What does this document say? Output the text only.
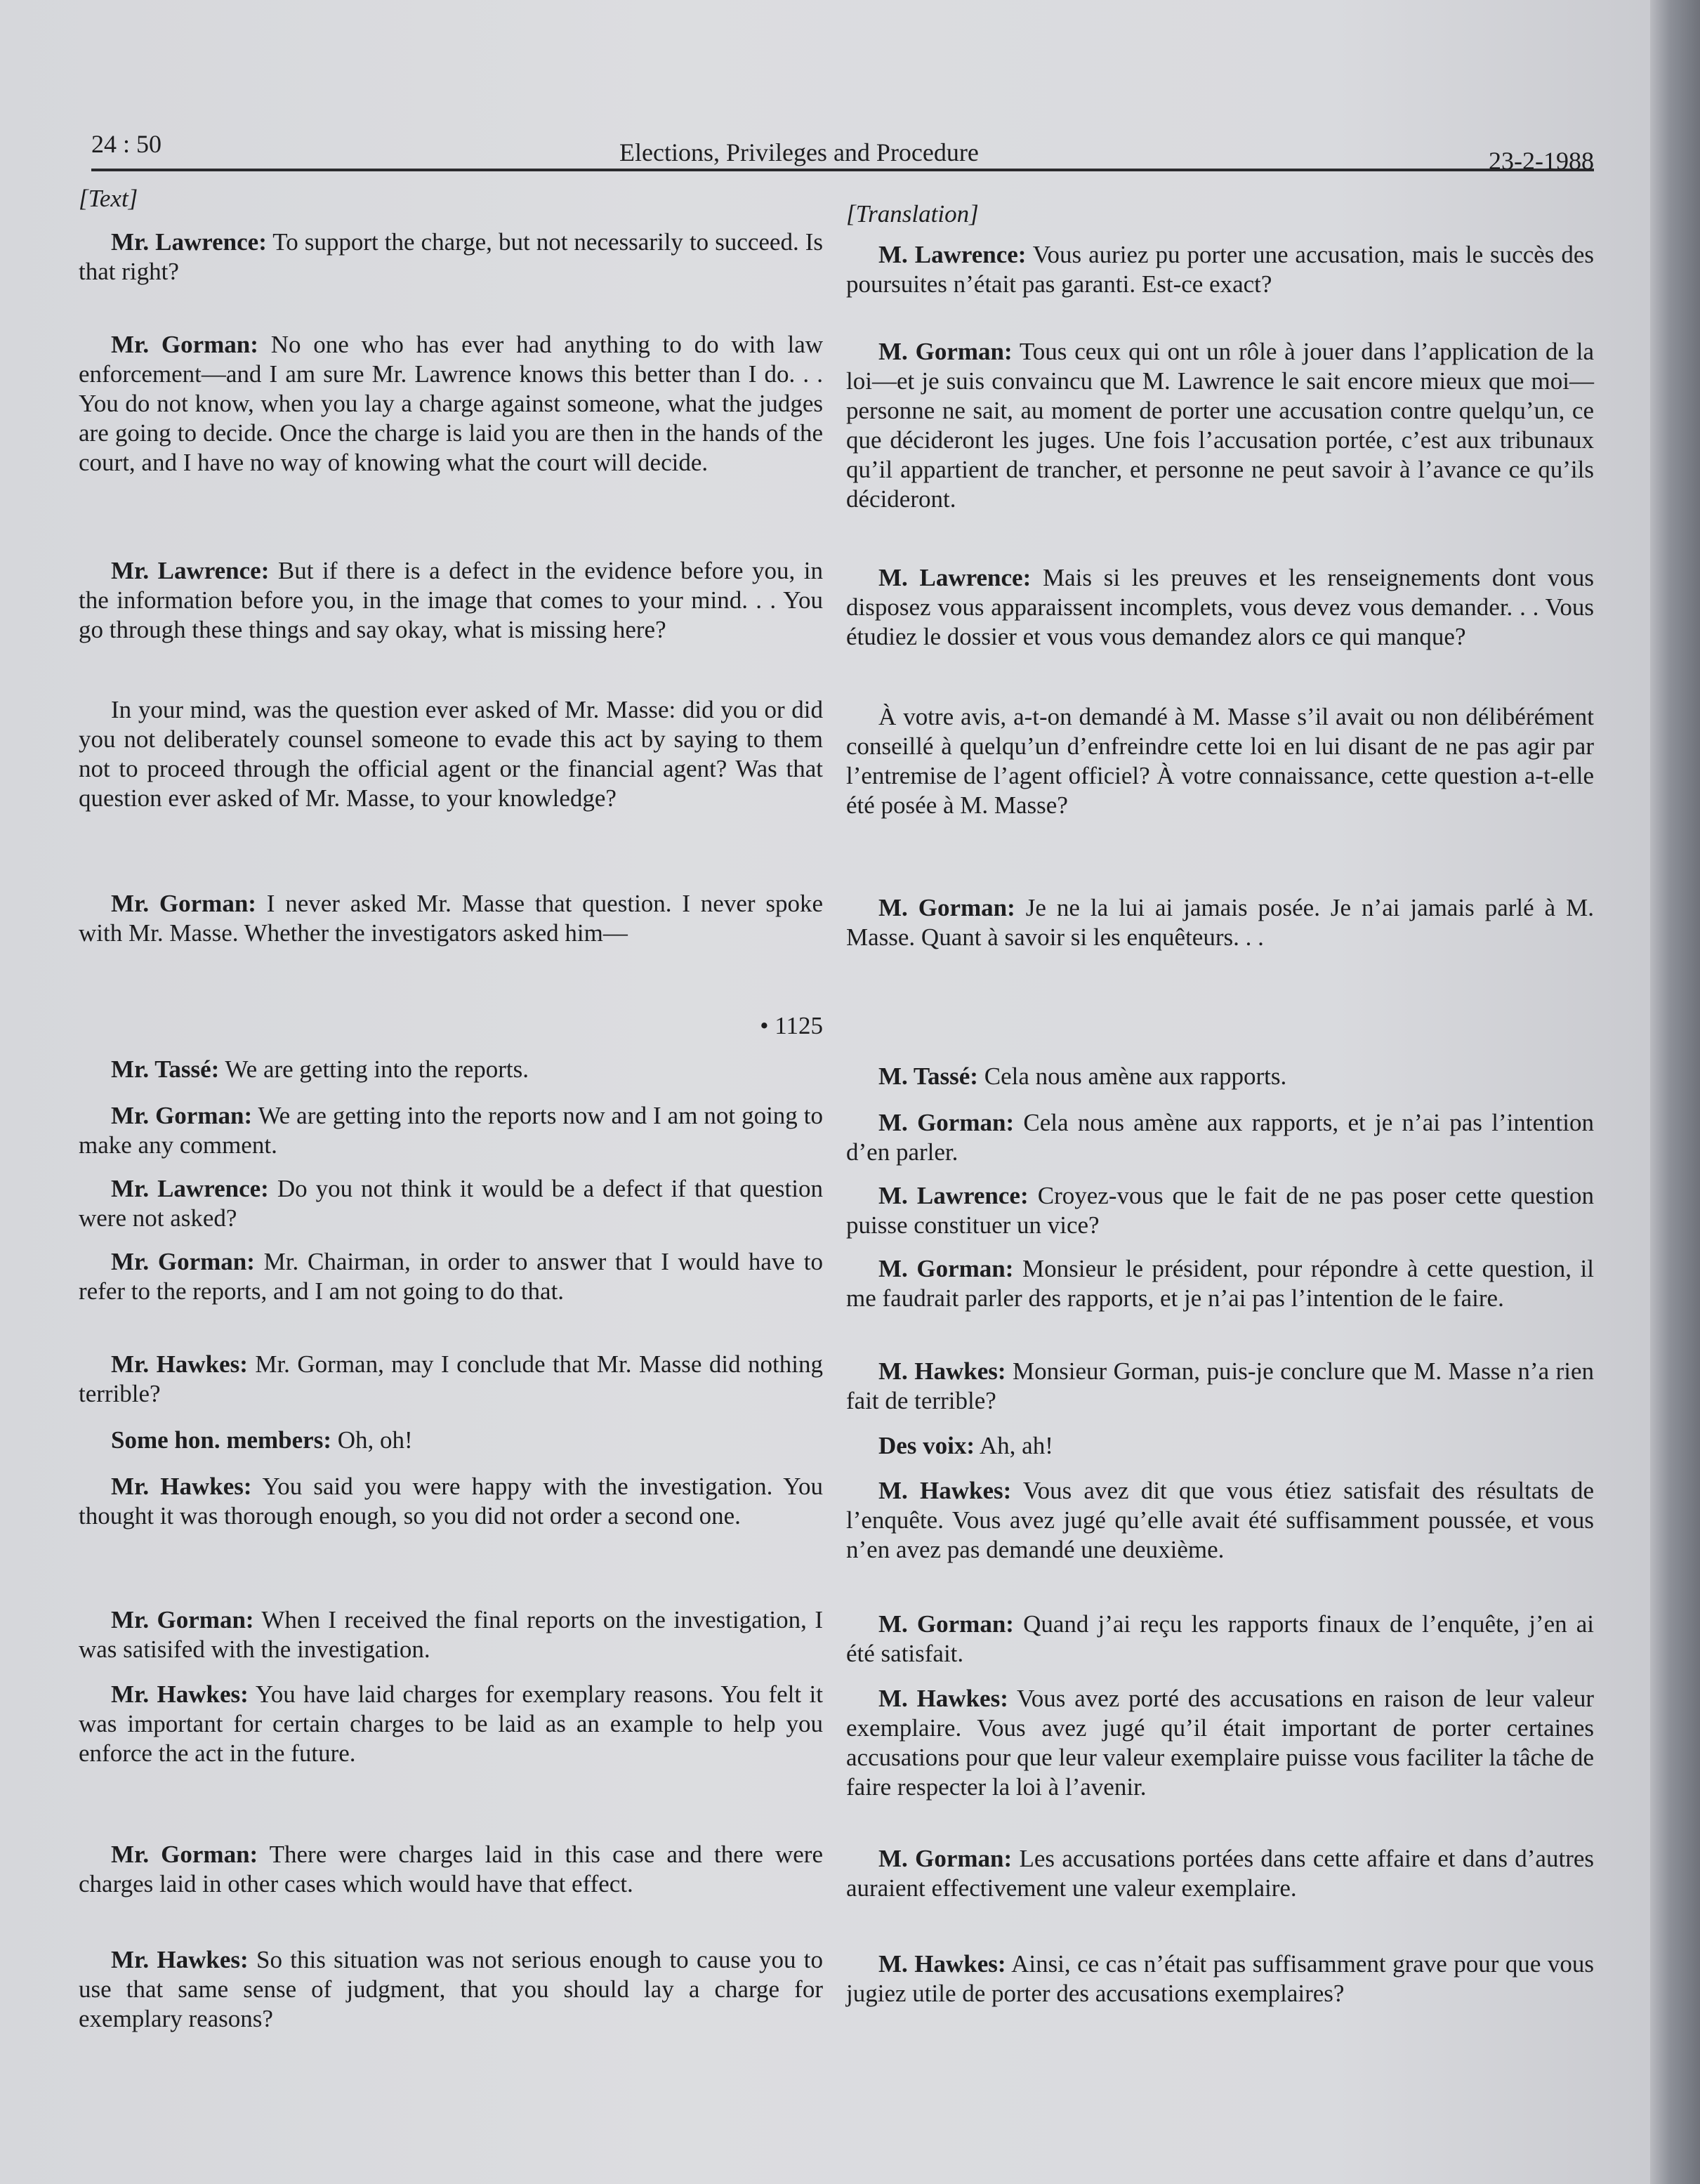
24 : 50	Elections, Privileges and Procedure	23-2-1988
[Text]

Mr. Lawrence: To support the charge, but not necessarily to succeed. Is that right?

Mr. Gorman: No one who has ever had anything to do with law enforcement—and I am sure Mr. Lawrence knows this better than I do. . . You do not know, when you lay a charge against someone, what the judges are going to decide. Once the charge is laid you are then in the hands of the court, and I have no way of knowing what the court will decide.

Mr. Lawrence: But if there is a defect in the evidence before you, in the information before you, in the image that comes to your mind. . . You go through these things and say okay, what is missing here?

In your mind, was the question ever asked of Mr. Masse: did you or did you not deliberately counsel someone to evade this act by saying to them not to proceed through the official agent or the financial agent? Was that question ever asked of Mr. Masse, to your knowledge?

Mr. Gorman: I never asked Mr. Masse that question. I never spoke with Mr. Masse. Whether the investigators asked him—

• 1125

Mr. Tassé: We are getting into the reports.

Mr. Gorman: We are getting into the reports now and I am not going to make any comment.

Mr. Lawrence: Do you not think it would be a defect if that question were not asked?

Mr. Gorman: Mr. Chairman, in order to answer that I would have to refer to the reports, and I am not going to do that.

Mr. Hawkes: Mr. Gorman, may I conclude that Mr. Masse did nothing terrible?

Some hon. members: Oh, oh!

Mr. Hawkes: You said you were happy with the investigation. You thought it was thorough enough, so you did not order a second one.

Mr. Gorman: When I received the final reports on the investigation, I was satisifed with the investigation.

Mr. Hawkes: You have laid charges for exemplary reasons. You felt it was important for certain charges to be laid as an example to help you enforce the act in the future.

Mr. Gorman: There were charges laid in this case and there were charges laid in other cases which would have that effect.

Mr. Hawkes: So this situation was not serious enough to cause you to use that same sense of judgment, that you should lay a charge for exemplary reasons?

[Translation]

M. Lawrence: Vous auriez pu porter une accusation, mais le succès des poursuites n’était pas garanti. Est-ce exact?

M. Gorman: Tous ceux qui ont un rôle à jouer dans l’application de la loi—et je suis convaincu que M. Lawrence le sait encore mieux que moi—personne ne sait, au moment de porter une accusation contre quelqu’un, ce que décideront les juges. Une fois l’accusation portée, c’est aux tribunaux qu’il appartient de trancher, et personne ne peut savoir à l’avance ce qu’ils décideront.

M. Lawrence: Mais si les preuves et les renseignements dont vous disposez vous apparaissent incomplets, vous devez vous demander. . . Vous étudiez le dossier et vous vous demandez alors ce qui manque?

À votre avis, a-t-on demandé à M. Masse s’il avait ou non délibérément conseillé à quelqu’un d’enfreindre cette loi en lui disant de ne pas agir par l’entremise de l’agent officiel? À votre connaissance, cette question a-t-elle été posée à M. Masse?

M. Gorman: Je ne la lui ai jamais posée. Je n’ai jamais parlé à M. Masse. Quant à savoir si les enquêteurs. . .

M. Tassé: Cela nous amène aux rapports.

M. Gorman: Cela nous amène aux rapports, et je n’ai pas l’intention d’en parler.

M. Lawrence: Croyez-vous que le fait de ne pas poser cette question puisse constituer un vice?

M. Gorman: Monsieur le président, pour répondre à cette question, il me faudrait parler des rapports, et je n’ai pas l’intention de le faire.

M. Hawkes: Monsieur Gorman, puis-je conclure que M. Masse n’a rien fait de terrible?

Des voix: Ah, ah!

M. Hawkes: Vous avez dit que vous étiez satisfait des résultats de l’enquête. Vous avez jugé qu’elle avait été suffisamment poussée, et vous n’en avez pas demandé une deuxième.

M. Gorman: Quand j’ai reçu les rapports finaux de l’enquête, j’en ai été satisfait.

M. Hawkes: Vous avez porté des accusations en raison de leur valeur exemplaire. Vous avez jugé qu’il était important de porter certaines accusations pour que leur valeur exemplaire puisse vous faciliter la tâche de faire respecter la loi à l’avenir.

M. Gorman: Les accusations portées dans cette affaire et dans d’autres auraient effectivement une valeur exemplaire.

M. Hawkes: Ainsi, ce cas n’était pas suffisamment grave pour que vous jugiez utile de porter des accusations exemplaires?
